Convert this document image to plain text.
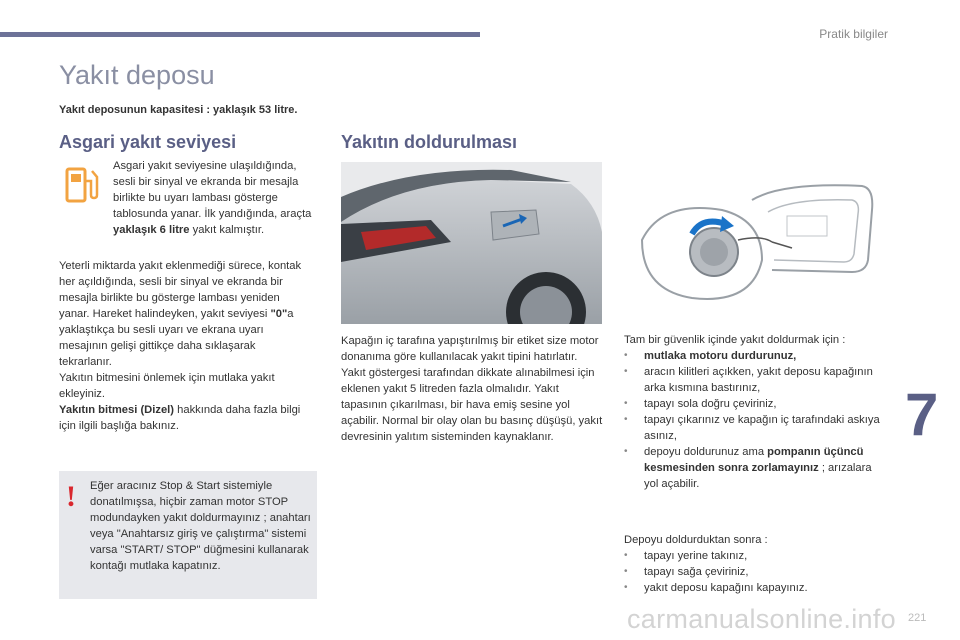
Pratik bilgiler
Yakıt deposu
Yakıt deposunun kapasitesi : yaklaşık 53 litre.
Asgari yakıt seviyesi
Asgari yakıt seviyesine ulaşıldığında, sesli bir sinyal ve ekranda bir mesajla birlikte bu uyarı lambası gösterge tablosunda yanar. İlk yandığında, araçta yaklaşık 6 litre yakıt kalmıştır.

Yeterli miktarda yakıt eklenmediği sürece, kontak her açıldığında, sesli bir sinyal ve ekranda bir mesajla birlikte bu gösterge lambası yeniden yanar. Hareket halindeyken, yakıt seviyesi "0"a yaklaştıkça bu sesli uyarı ve ekrana uyarı mesajının gelişi gittikçe daha sıklaşarak tekrarlanır.

Yakıtın bitmesini önlemek için mutlaka yakıt ekleyiniz.

Yakıtın bitmesi (Dizel) hakkında daha fazla bilgi için ilgili başlığa bakınız.

! Eğer aracınız Stop & Start sistemiyle donatılmışsa, hiçbir zaman motor STOP modundayken yakıt doldurmayınız ; anahtarı veya "Anahtarsız giriş ve çalıştırma" sistemi varsa "START/ STOP" düğmesini kullanarak kontağı mutlaka kapatınız.
Yakıtın doldurulması
Kapağın iç tarafına yapıştırılmış bir etiket size motor donanıma göre kullanılacak yakıt tipini hatırlatır. Yakıt göstergesi tarafından dikkate alınabilmesi için eklenen yakıt 5 litreden fazla olmalıdır. Yakıt tapasının çıkarılması, bir hava emiş sesine yol açabilir. Normal bir olay olan bu basınç düşüşü, yakıt devresinin yalıtım sisteminden kaynaklanır.

Tam bir güvenlik içinde yakıt doldurmak için :

• mutlaka motoru durdurunuz,
• aracın kilitleri açıkken, yakıt deposu kapağının arka kısmına bastırınız,
• tapayı sola doğru çeviriniz,
• tapayı çıkarınız ve kapağın iç tarafındaki askıya asınız,
• depoyu doldurunuz ama pompanın üçüncü kesmesinden sonra zorlamayınız ; arızalara yol açabilir.

Depoyu doldurduktan sonra :

• tapayı yerine takınız,
• tapayı sağa çeviriniz,
• yakıt deposu kapağını kapayınız.
7
carmanualsonline.info 221
